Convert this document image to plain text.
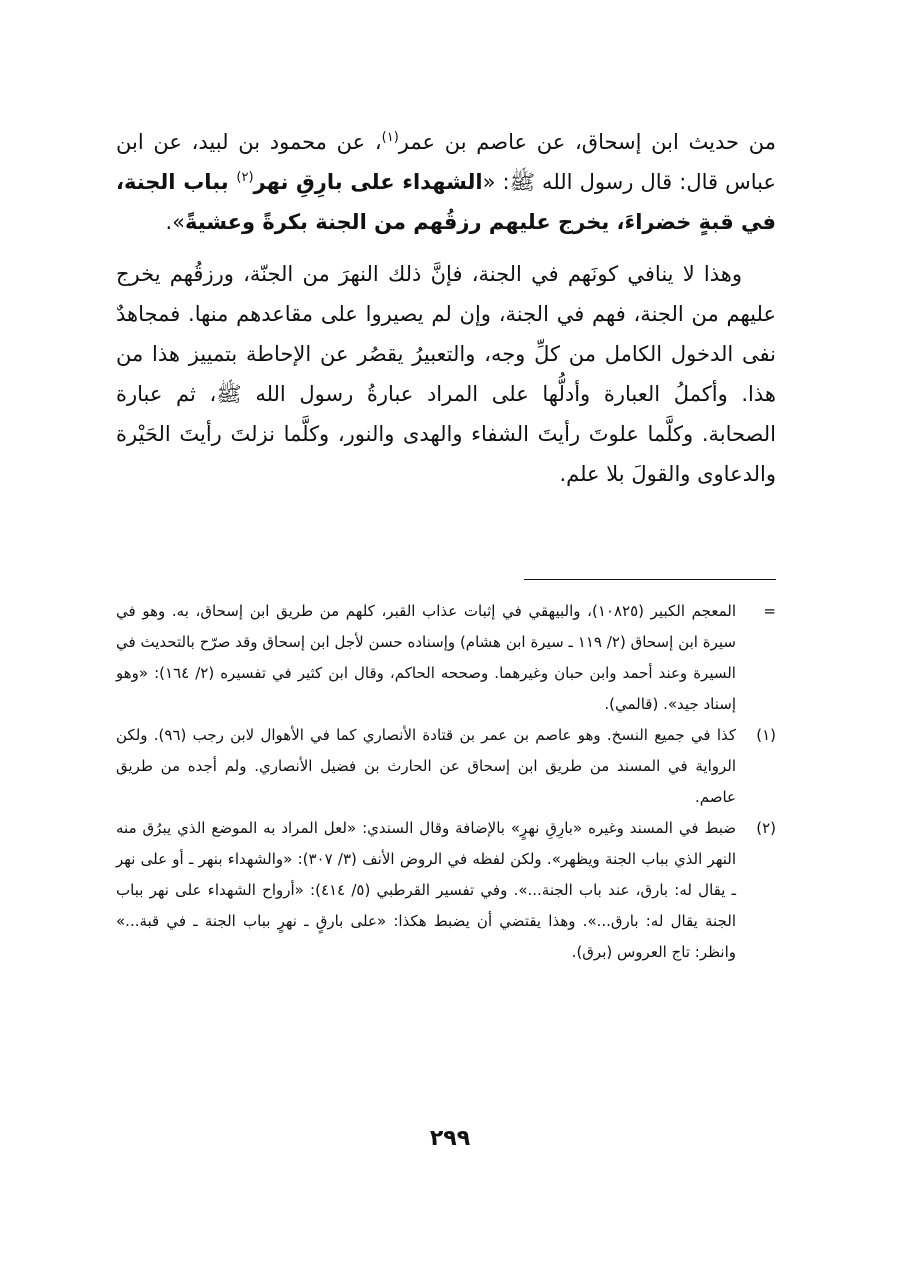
من حديث ابن إسحاق، عن عاصم بن عمر$^{(١)}$، عن محمود بن لبيد، عن ابن عباس قال: قال رسول الله ﷺ: «الشهداء على بارِقِ نهر$^{(٢)}$ بباب الجنة، في قبةٍ خضراءَ، يخرج عليهم رزقُهم من الجنة بكرةً وعشيةً».

وهذا لا ينافي كونَهم في الجنة، فإنَّ ذلك النهرَ من الجنّة، ورزقُهم يخرج عليهم من الجنة، فهم في الجنة، وإن لم يصيروا على مقاعدهم منها. فمجاهدٌ نفى الدخول الكامل من كلِّ وجه، والتعبيرُ يقصُر عن الإحاطة بتمييز هذا من هذا. وأكملُ العبارة وأدلُّها على المراد عبارةُ رسول الله ﷺ، ثم عبارة الصحابة. وكلَّما علوتَ رأيتَ الشفاء والهدى والنور، وكلَّما نزلتَ رأيتَ الحَيْرة والدعاوى والقولَ بلا علم.

=
المعجم الكبير (١٠٨٢٥)، والبيهقي في إثبات عذاب القبر، كلهم من طريق ابن إسحاق، به. وهو في سيرة ابن إسحاق (٢/ ١١٩ ـ سيرة ابن هشام) وإسناده حسن لأجل ابن إسحاق وقد صرّح بالتحديث في السيرة وعند أحمد وابن حبان وغيرهما. وصححه الحاكم، وقال ابن كثير في تفسيره (٢/ ١٦٤): «وهو إسناد جيد». (قالمي).
(١)
كذا في جميع النسخ. وهو عاصم بن عمر بن قتادة الأنصاري كما في الأهوال لابن رجب (٩٦). ولكن الرواية في المسند من طريق ابن إسحاق عن الحارث بن فضيل الأنصاري. ولم أجده من طريق عاصم.
(٢)
ضبط في المسند وغيره «بارِقِ نهرٍ» بالإضافة وقال السندي: «لعل المراد به الموضع الذي يبرُق منه النهر الذي بباب الجنة ويظهر». ولكن لفظه في الروض الأنف (٣/ ٣٠٧): «والشهداء بنهر ـ أو على نهر ـ يقال له: بارق، عند باب الجنة...». وفي تفسير القرطبي (٥/ ٤١٤): «أرواح الشهداء على نهر بباب الجنة يقال له: بارق...». وهذا يقتضي أن يضبط هكذا: «على بارقٍ ـ نهرٍ بباب الجنة ـ في قبة...» وانظر: تاج العروس (برق).
٢٩٩
